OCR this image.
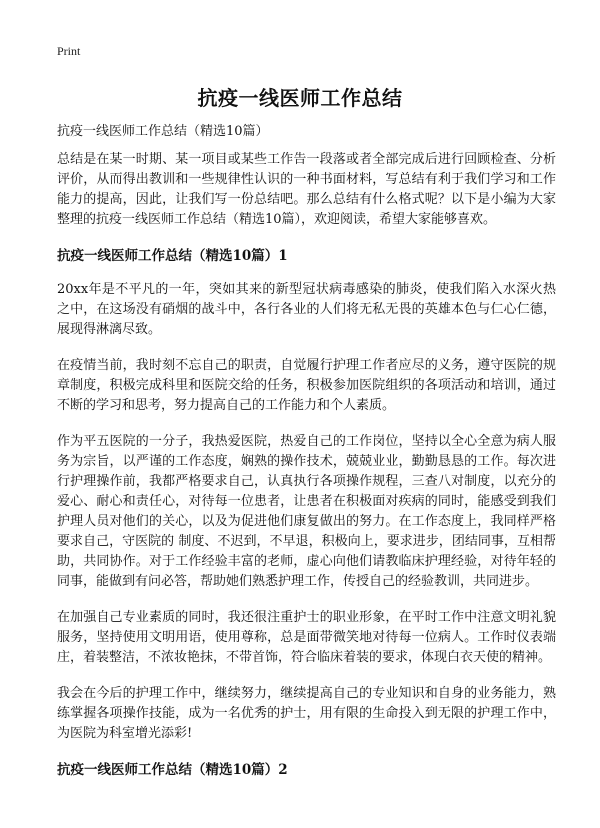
Print
抗疫一线医师工作总结
抗疫一线医师工作总结（精选10篇）

总结是在某一时期、某一项目或某些工作告一段落或者全部完成后进行回顾检查、分析评价，从而得出教训和一些规律性认识的一种书面材料，写总结有利于我们学习和工作能力的提高，因此，让我们写一份总结吧。那么总结有什么格式呢？以下是小编为大家整理的抗疫一线医师工作总结（精选10篇），欢迎阅读，希望大家能够喜欢。

抗疫一线医师工作总结（精选10篇）1

20xx年是不平凡的一年，突如其来的新型冠状病毒感染的肺炎，使我们陷入水深火热之中，在这场没有硝烟的战斗中，各行各业的人们将无私无畏的英雄本色与仁心仁德，展现得淋漓尽致。

在疫情当前，我时刻不忘自己的职责，自觉履行护理工作者应尽的义务，遵守医院的规章制度，积极完成科里和医院交给的任务，积极参加医院组织的各项活动和培训，通过不断的学习和思考，努力提高自己的工作能力和个人素质。

作为平五医院的一分子，我热爱医院，热爱自己的工作岗位，坚持以全心全意为病人服务为宗旨，以严谨的工作态度，娴熟的操作技术，兢兢业业，勤勤恳恳的工作。每次进行护理操作前，我都严格要求自己，认真执行各项操作规程，三查八对制度，以充分的爱心、耐心和责任心，对待每一位患者，让患者在积极面对疾病的同时，能感受到我们护理人员对他们的关心，以及为促进他们康复做出的努力。在工作态度上，我同样严格要求自己，守医院的 制度、不迟到，不早退，积极向上，要求进步，团结同事，互相帮助，共同协作。对于工作经验丰富的老师，虚心向他们请教临床护理经验，对待年轻的同事，能做到有问必答，帮助她们熟悉护理工作，传授自己的经验教训，共同进步。

在加强自己专业素质的同时，我还很注重护士的职业形象，在平时工作中注意文明礼貌服务，坚持使用文明用语，使用尊称，总是面带微笑地对待每一位病人。工作时仪表端庄，着装整洁，不浓妆艳抹，不带首饰，符合临床着装的要求，体现白衣天使的精神。

我会在今后的护理工作中，继续努力，继续提高自己的专业知识和自身的业务能力，熟练掌握各项操作技能，成为一名优秀的护士，用有限的生命投入到无限的护理工作中，为医院为科室增光添彩!

抗疫一线医师工作总结（精选10篇）2
